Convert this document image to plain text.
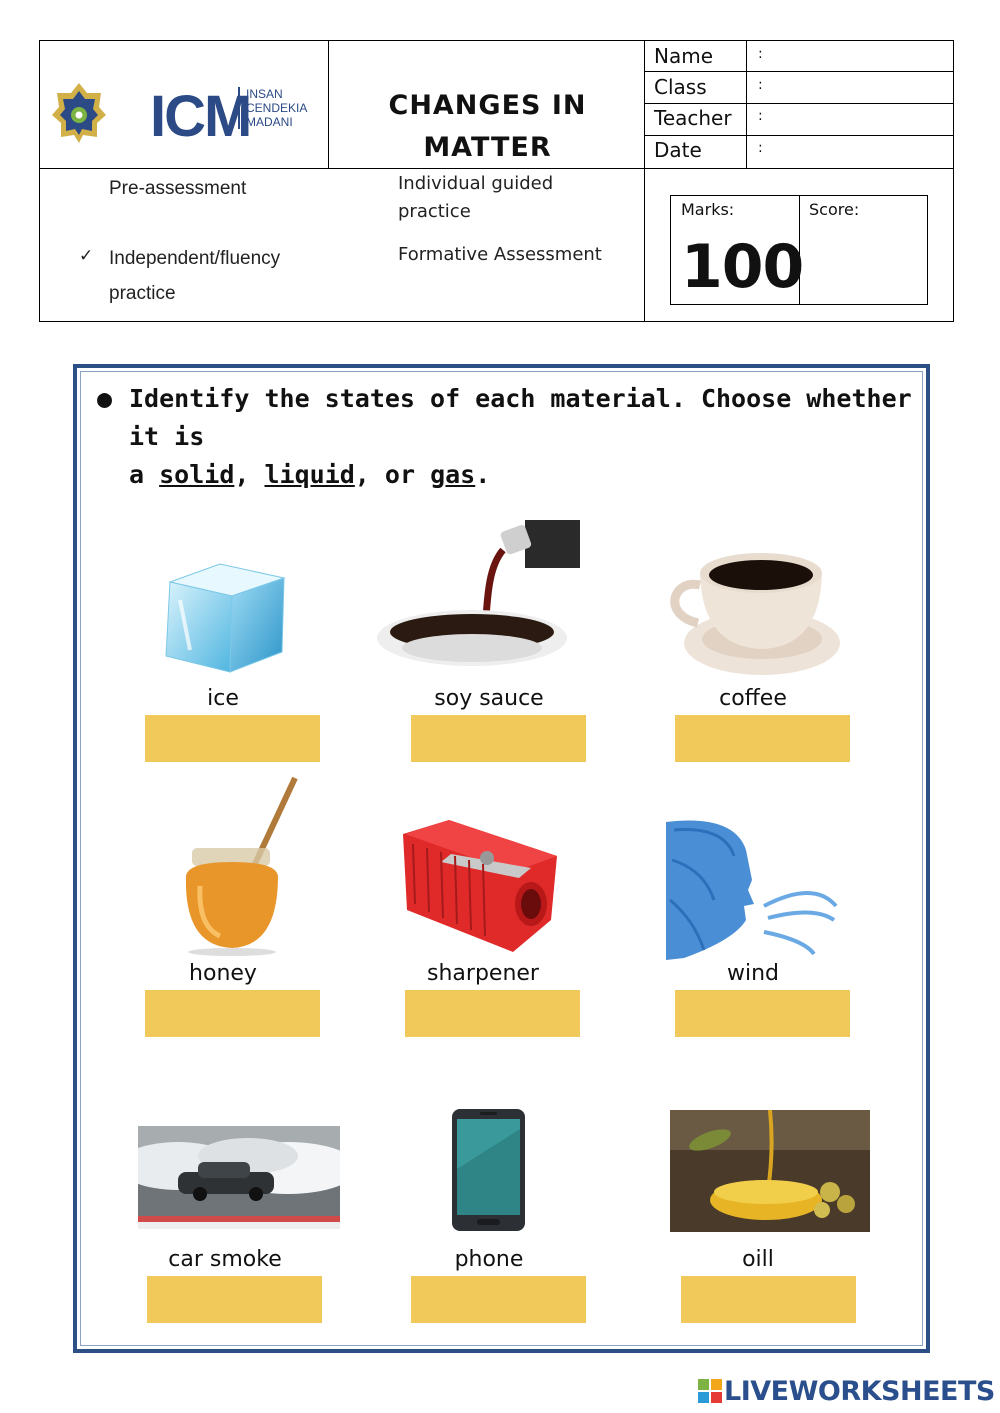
ICM
INSAN
CENDEKIA
MADANI
CHANGES IN
MATTER
Name	:
Class	:
Teacher :
Date	:
Pre-assessment
✓ Independent/fluency
practice
Individual guided
practice
Formative Assessment
Marks:
100
Score:
● Identify the states of each material. Choose whether it is
a solid, liquid, or gas.
ice	soy sauce	coffee
honey	sharpener	wind
car smoke	phone	oill
LIVEWORKSHEETS
